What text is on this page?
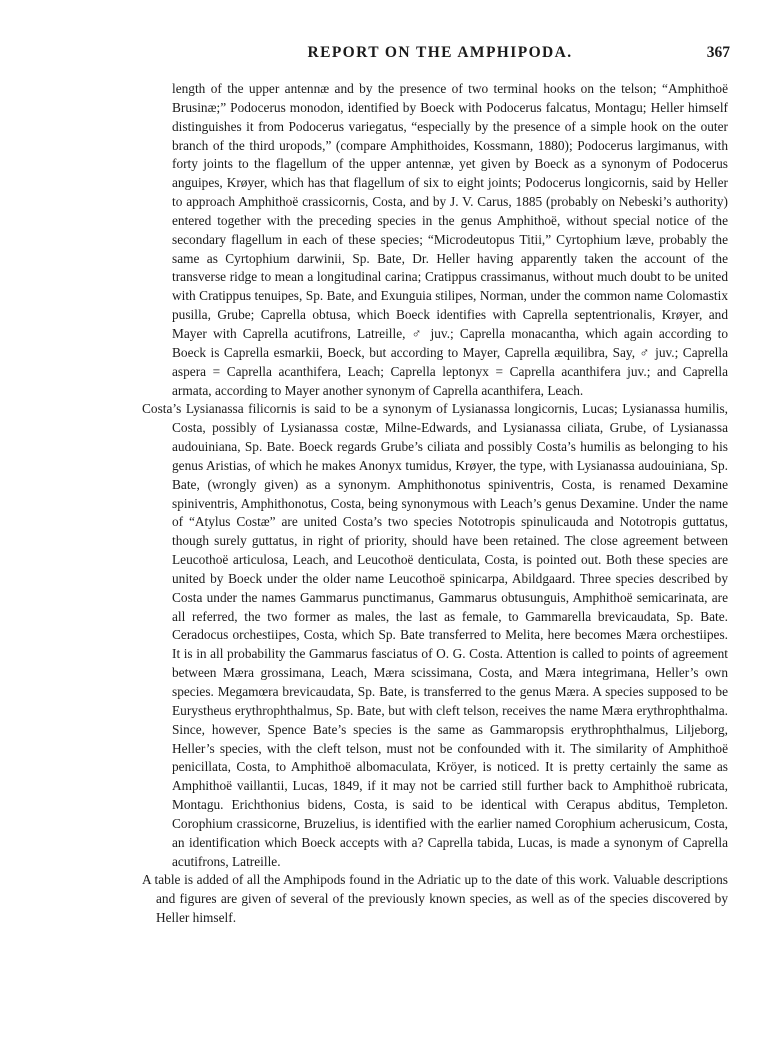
REPORT ON THE AMPHIPODA.	367

length of the upper antennæ and by the presence of two terminal hooks on the telson; “Amphithoë Brusinæ;” Podocerus monodon, identified by Boeck with Podocerus falcatus, Montagu; Heller himself distinguishes it from Podocerus variegatus, “especially by the presence of a simple hook on the outer branch of the third uropods,” (compare Amphithoides, Kossmann, 1880); Podocerus largimanus, with forty joints to the flagellum of the upper antennæ, yet given by Boeck as a synonym of Podocerus anguipes, Krøyer, which has that flagellum of six to eight joints; Podocerus longicornis, said by Heller to approach Amphithoë crassicornis, Costa, and by J. V. Carus, 1885 (probably on Nebeski’s authority) entered together with the preceding species in the genus Amphithoë, without special notice of the secondary flagellum in each of these species; “Microdeutopus Titii,” Cyrtophium læve, probably the same as Cyrtophium darwinii, Sp. Bate, Dr. Heller having apparently taken the account of the transverse ridge to mean a longitudinal carina; Cratippus crassimanus, without much doubt to be united with Cratippus tenuipes, Sp. Bate, and Exunguia stilipes, Norman, under the common name Colomastix pusilla, Grube; Caprella obtusa, which Boeck identifies with Caprella septentrionalis, Krøyer, and Mayer with Caprella acutifrons, Latreille, ♂ juv.; Caprella monacantha, which again according to Boeck is Caprella esmarkii, Boeck, but according to Mayer, Caprella æquilibra, Say, ♂ juv.; Caprella aspera = Caprella acanthifera, Leach; Caprella leptonyx = Caprella acanthifera juv.; and Caprella armata, according to Mayer another synonym of Caprella acanthifera, Leach.

Costa’s Lysianassa filicornis is said to be a synonym of Lysianassa longicornis, Lucas; Lysianassa humilis, Costa, possibly of Lysianassa costæ, Milne-Edwards, and Lysianassa ciliata, Grube, of Lysianassa audouiniana, Sp. Bate. Boeck regards Grube’s ciliata and possibly Costa’s humilis as belonging to his genus Aristias, of which he makes Anonyx tumidus, Krøyer, the type, with Lysianassa audouiniana, Sp. Bate, (wrongly given) as a synonym. Amphithonotus spiniventris, Costa, is renamed Dexamine spiniventris, Amphithonotus, Costa, being synonymous with Leach’s genus Dexamine. Under the name of “Atylus Costæ” are united Costa’s two species Nototropis spinulicauda and Nototropis guttatus, though surely guttatus, in right of priority, should have been retained. The close agreement between Leucothoë articulosa, Leach, and Leucothoë denticulata, Costa, is pointed out. Both these species are united by Boeck under the older name Leucothoë spinicarpa, Abildgaard. Three species described by Costa under the names Gammarus punctimanus, Gammarus obtusunguis, Amphithoë semicarinata, are all referred, the two former as males, the last as female, to Gammarella brevicaudata, Sp. Bate. Ceradocus orchestiipes, Costa, which Sp. Bate transferred to Melita, here becomes Mæra orchestiipes. It is in all probability the Gammarus fasciatus of O. G. Costa. Attention is called to points of agreement between Mæra grossimana, Leach, Mæra scissimana, Costa, and Mæra integrimana, Heller’s own species. Megamœra brevicaudata, Sp. Bate, is transferred to the genus Mæra. A species supposed to be Eurystheus erythrophthalmus, Sp. Bate, but with cleft telson, receives the name Mæra erythrophthalma. Since, however, Spence Bate’s species is the same as Gammaropsis erythrophthalmus, Liljeborg, Heller’s species, with the cleft telson, must not be confounded with it. The similarity of Amphithoë penicillata, Costa, to Amphithoë albomaculata, Kröyer, is noticed. It is pretty certainly the same as Amphithoë vaillantii, Lucas, 1849, if it may not be carried still further back to Amphithoë rubricata, Montagu. Erichthonius bidens, Costa, is said to be identical with Cerapus abditus, Templeton. Corophium crassicorne, Bruzelius, is identified with the earlier named Corophium acherusicum, Costa, an identification which Boeck accepts with a? Caprella tabida, Lucas, is made a synonym of Caprella acutifrons, Latreille.

A table is added of all the Amphipods found in the Adriatic up to the date of this work. Valuable descriptions and figures are given of several of the previously known species, as well as of the species discovered by Heller himself.
